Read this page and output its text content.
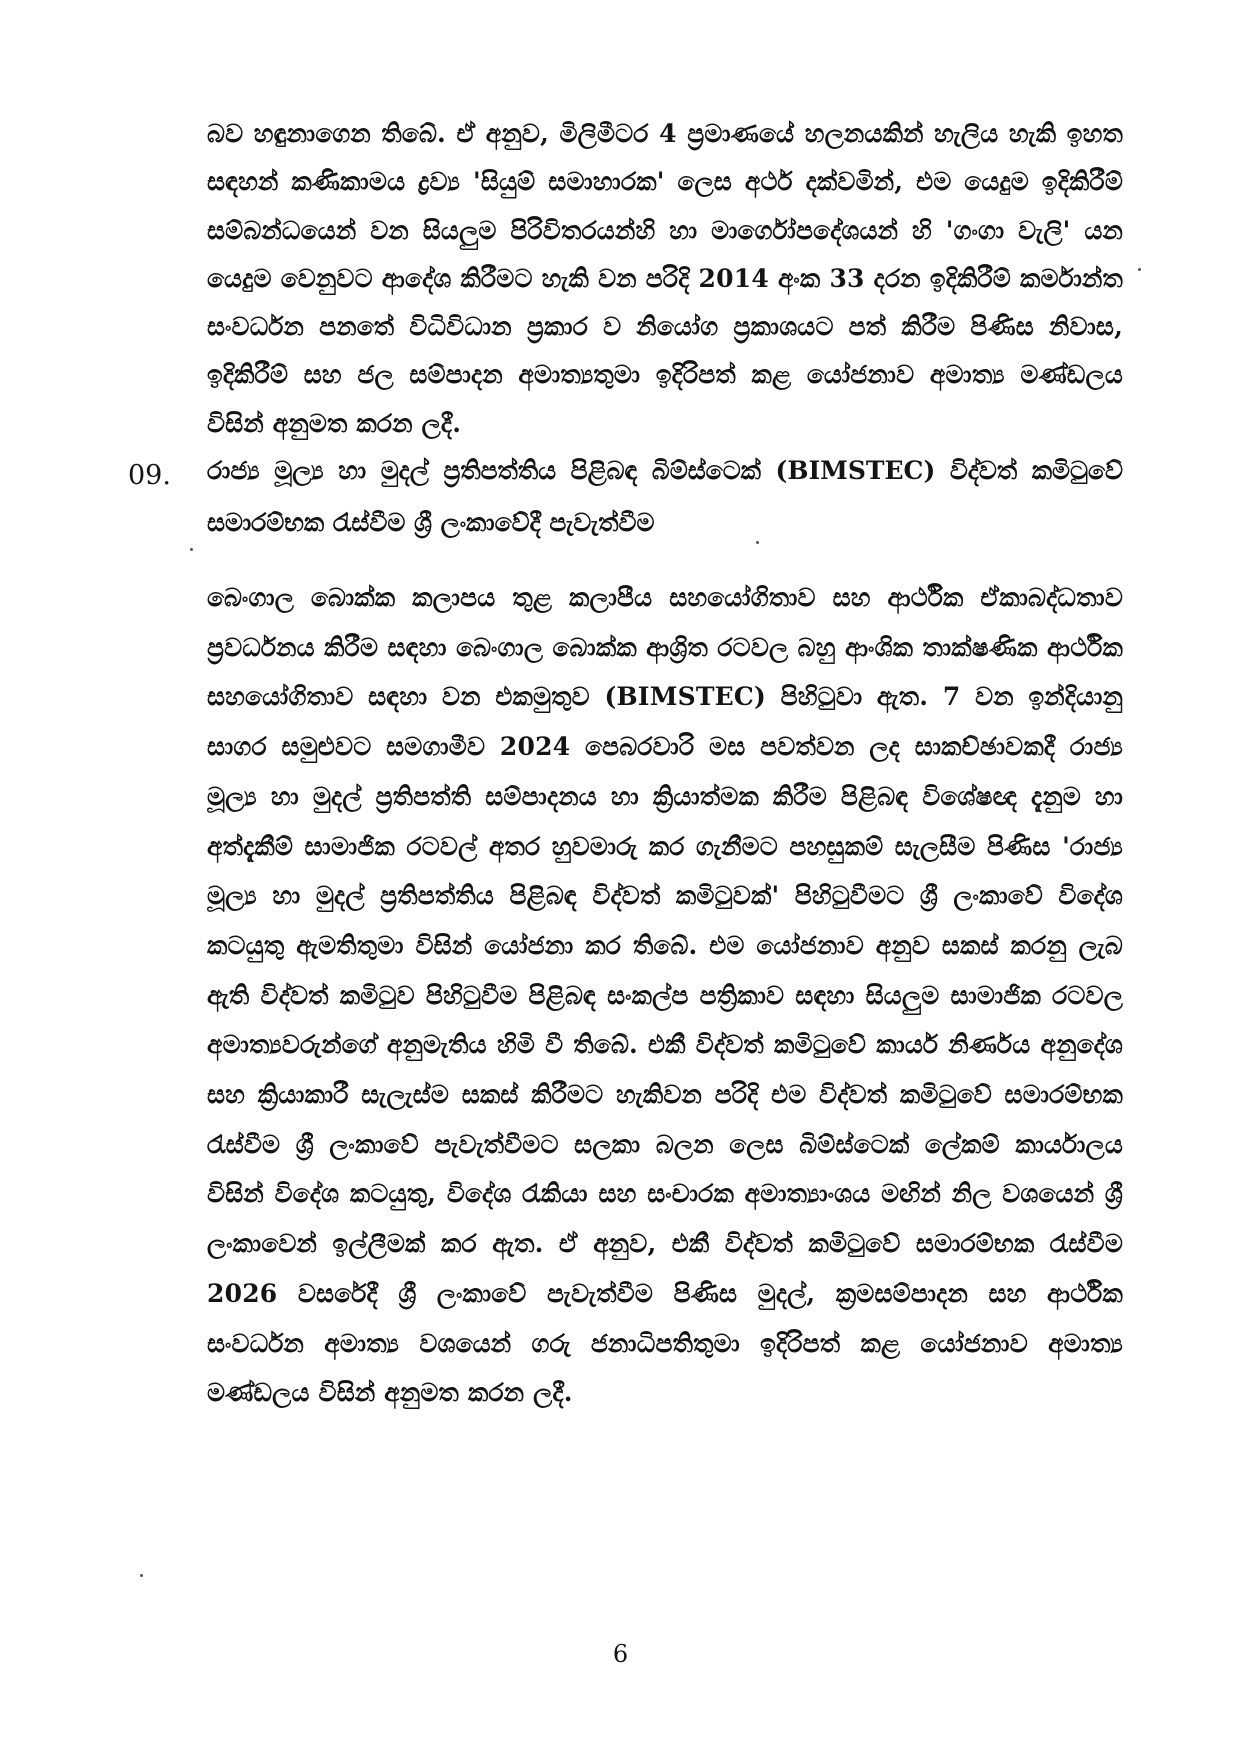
බව හඳුනාගෙන තිබේ. ඒ අනුව, මිලිමීටර 4 ප්‍රමාණයේ හලනයකින් හැලිය හැකි ඉහත සඳහන් කණිකාමය ද්‍රව්‍ය 'සියුම් සමාහාරක' ලෙස අර්ථ දක්වමින්, එම යෙදුම ඉදිකිරීම් සම්බන්ධයෙන් වන සියලුම පිරිවිතරයන්හි හා මාර්ගෝපදේශයන් හි 'ගංගා වැලි' යන යෙදුම වෙනුවට ආදේශ කිරීමට හැකි වන පරිදි 2014 අංක 33 දරන ඉදිකිරීම් කර්මාන්ත සංවර්ධන පනතේ විධිවිධාන ප්‍රකාර ව නියෝග ප්‍රකාශයට පත් කිරීම පිණිස නිවාස, ඉදිකිරීම් සහ ජල සම්පාදන අමාත්‍යතුමා ඉදිරිපත් කළ යෝජනාව අමාත්‍ය මණ්ඩලය විසින් අනුමත කරන ලදී.

09. රාජ්‍ය මූල්‍ය හා මුදල් ප්‍රතිපත්තිය පිළිබඳ බිම්ස්ටෙක් (BIMSTEC) විද්වත් කමිටුවේ සමාරම්භක රැස්වීම ශ්‍රී ලංකාවේදී පැවැත්වීම

බෙංගාල බොක්ක කලාපය තුළ කලාපීය සහයෝගිතාව සහ ආර්ථික ඒකාබද්ධතාව ප්‍රවර්ධනය කිරීම සඳහා බෙංගාල බොක්ක ආශ්‍රිත රටවල බහු ආංශික තාක්ෂණික ආර්ථික සහයෝගිතාව සඳහා වන එකමුතුව (BIMSTEC) පිහිටුවා ඇත. 7 වන ඉන්දියානු සාගර සමුළුවට සමගාමීව 2024 පෙබරවාරි මස පවත්වන ලද සාකච්ඡාවකදී රාජ්‍ය මූල්‍ය හා මුදල් ප්‍රතිපත්ති සම්පාදනය හා ක්‍රියාත්මක කිරීම පිළිබඳ විශේෂඥ දැනුම හා අත්දැකීම් සාමාජික රටවල් අතර හුවමාරු කර ගැනීමට පහසුකම් සැලසීම පිණිස 'රාජ්‍ය මූල්‍ය හා මුදල් ප්‍රතිපත්තිය පිළිබඳ විද්වත් කමිටුවක්' පිහිටුවීමට ශ්‍රී ලංකාවේ විදේශ කටයුතු ඇමතිතුමා විසින් යෝජනා කර තිබේ. එම යෝජනාව අනුව සකස් කරනු ලැබ ඇති විද්වත් කමිටුව පිහිටුවීම පිළිබඳ සංකල්ප පත්‍රිකාව සඳහා සියලුම සාමාජික රටවල අමාත්‍යවරුන්ගේ අනුමැතිය හිමි වී තිබේ. එකී විද්වත් කමිටුවේ කාර්ය නිර්ණය අනුදේශ සහ ක්‍රියාකාරී සැලැස්ම සකස් කිරීමට හැකිවන පරිදි එම විද්වත් කමිටුවේ සමාරම්භක රැස්වීම ශ්‍රී ලංකාවේ පැවැත්වීමට සලකා බලන ලෙස බිම්ස්ටෙක් ලේකම් කාර්යාලය විසින් විදේශ කටයුතු, විදේශ රැකියා සහ සංචාරක අමාත්‍යාංශය මඟින් නිල වශයෙන් ශ්‍රී ලංකාවෙන් ඉල්ලීමක් කර ඇත. ඒ අනුව, එකී විද්වත් කමිටුවේ සමාරම්භක රැස්වීම 2026 වසරේදී ශ්‍රී ලංකාවේ පැවැත්වීම පිණිස මුදල්, ක්‍රමසම්පාදන සහ ආර්ථික සංවර්ධන අමාත්‍ය වශයෙන් ගරු ජනාධිපතිතුමා ඉදිරිපත් කළ යෝජනාව අමාත්‍ය මණ්ඩලය විසින් අනුමත කරන ලදී.

6
